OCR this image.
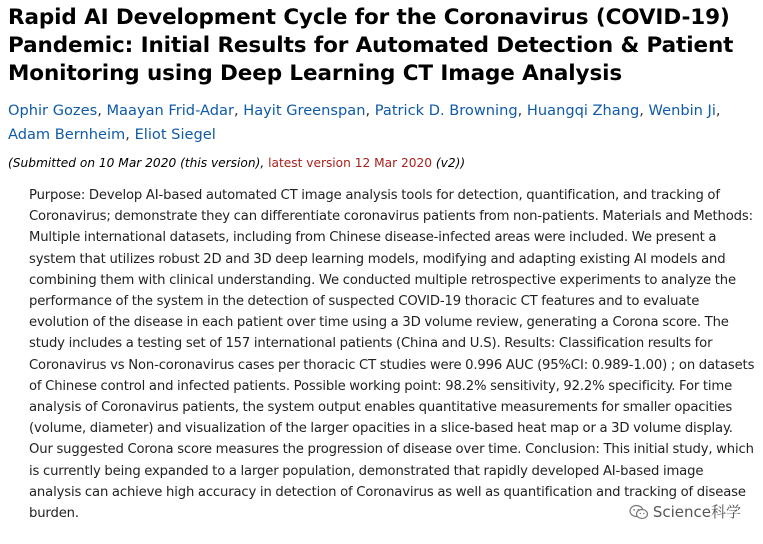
Rapid AI Development Cycle for the Coronavirus (COVID-19) Pandemic: Initial Results for Automated Detection & Patient Monitoring using Deep Learning CT Image Analysis
Ophir Gozes, Maayan Frid-Adar, Hayit Greenspan, Patrick D. Browning, Huangqi Zhang, Wenbin Ji, Adam Bernheim, Eliot Siegel
(Submitted on 10 Mar 2020 (this version), latest version 12 Mar 2020 (v2))
Purpose: Develop AI-based automated CT image analysis tools for detection, quantification, and tracking of Coronavirus; demonstrate they can differentiate coronavirus patients from non-patients. Materials and Methods: Multiple international datasets, including from Chinese disease-infected areas were included. We present a system that utilizes robust 2D and 3D deep learning models, modifying and adapting existing AI models and combining them with clinical understanding. We conducted multiple retrospective experiments to analyze the performance of the system in the detection of suspected COVID-19 thoracic CT features and to evaluate evolution of the disease in each patient over time using a 3D volume review, generating a Corona score. The study includes a testing set of 157 international patients (China and U.S). Results: Classification results for Coronavirus vs Non-coronavirus cases per thoracic CT studies were 0.996 AUC (95%CI: 0.989-1.00) ; on datasets of Chinese control and infected patients. Possible working point: 98.2% sensitivity, 92.2% specificity. For time analysis of Coronavirus patients, the system output enables quantitative measurements for smaller opacities (volume, diameter) and visualization of the larger opacities in a slice-based heat map or a 3D volume display. Our suggested Corona score measures the progression of disease over time. Conclusion: This initial study, which is currently being expanded to a larger population, demonstrated that rapidly developed AI-based image analysis can achieve high accuracy in detection of Coronavirus as well as quantification and tracking of disease burden.	Science科学
